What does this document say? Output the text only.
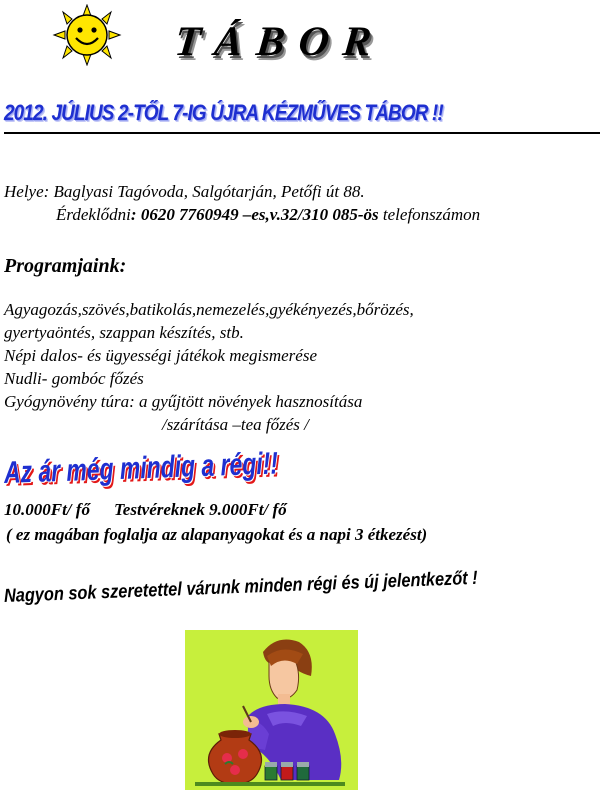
TÁBOR
2012. JÚLIUS 2-TŐL 7-IG ÚJRA KÉZMŰVES TÁBOR !!
Helye: Baglyasi Tagóvoda, Salgótarján, Petőfi út 88.
Érdeklődni: 0620 7760949 –es,v.32/310 085-ös telefonszámon
Programjaink:
Agyagozás,szövés,batikolás,nemezelés,gyékényezés,bőrözés,
gyertyaöntés, szappan készítés, stb.
Népi dalos- és ügyességi játékok megismerése
Nudli- gombóc főzés
Gyógynövény túra: a gyűjtött növények hasznosítása
/szárítása –tea főzés /
Az ár még mindig a régi!!
10.000Ft/ fő Testvéreknek 9.000Ft/ fő
( ez magában foglalja az alapanyagokat és a napi 3 étkezést)
Nagyon sok szeretettel várunk minden régi és új jelentkezőt !
